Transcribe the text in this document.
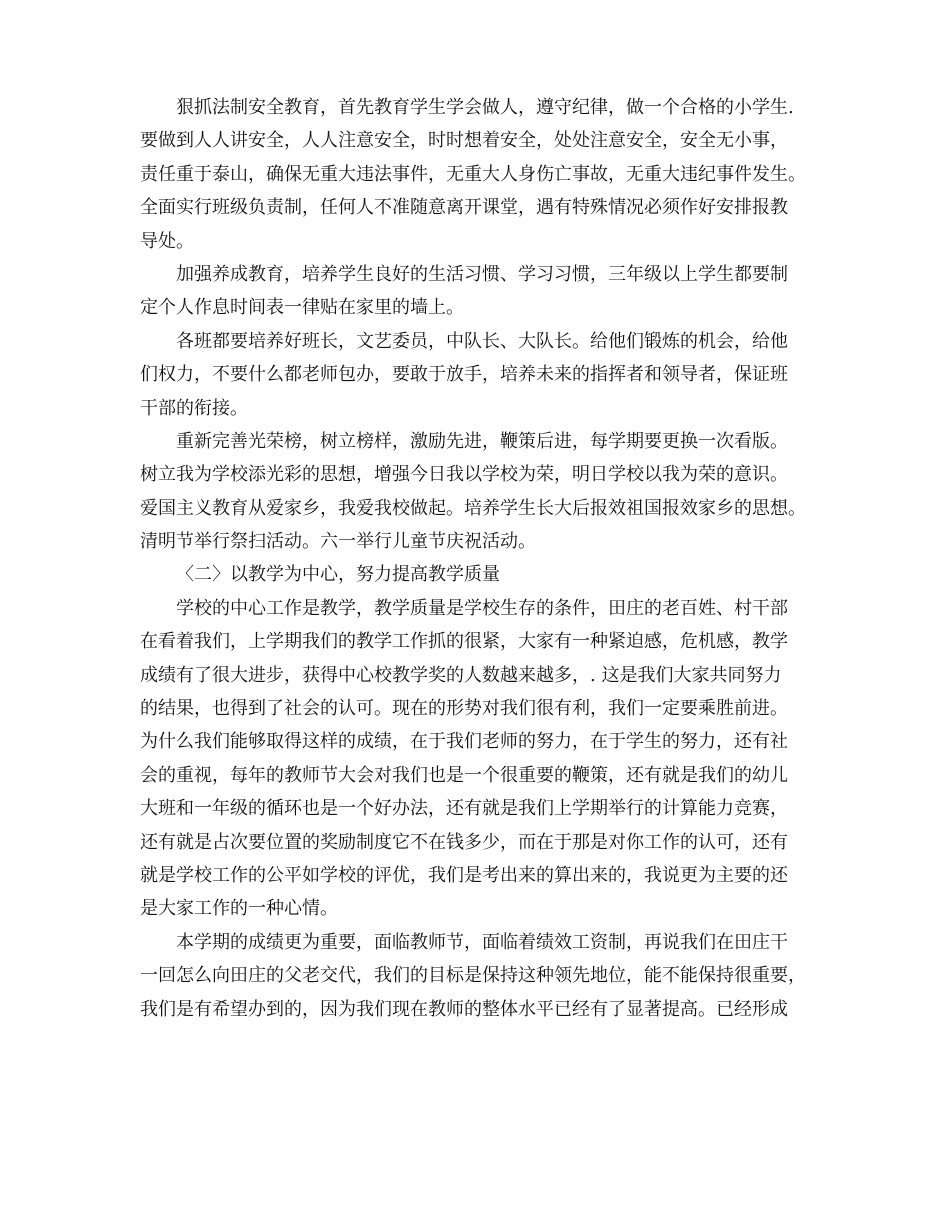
狠抓法制安全教育，首先教育学生学会做人，遵守纪律，做一个合格的小学生.
要做到人人讲安全，人人注意安全，时时想着安全，处处注意安全，安全无小事，
责任重于泰山，确保无重大违法事件，无重大人身伤亡事故，无重大违纪事件发生。
全面实行班级负责制，任何人不准随意离开课堂，遇有特殊情况必须作好安排报教
导处。
加强养成教育，培养学生良好的生活习惯、学习习惯，三年级以上学生都要制
定个人作息时间表一律贴在家里的墙上。
各班都要培养好班长，文艺委员，中队长、大队长。给他们锻炼的机会，给他
们权力，不要什么都老师包办，要敢于放手，培养未来的指挥者和领导者，保证班
干部的衔接。
重新完善光荣榜，树立榜样，激励先进，鞭策后进，每学期要更换一次看版。
树立我为学校添光彩的思想，增强今日我以学校为荣，明日学校以我为荣的意识。
爱国主义教育从爱家乡，我爱我校做起。培养学生长大后报效祖国报效家乡的思想。
清明节举行祭扫活动。六一举行儿童节庆祝活动。
〈二〉以教学为中心，努力提高教学质量
学校的中心工作是教学，教学质量是学校生存的条件，田庄的老百姓、村干部
在看着我们，上学期我们的教学工作抓的很紧，大家有一种紧迫感，危机感，教学
成绩有了很大进步，获得中心校教学奖的人数越来越多，. 这是我们大家共同努力
的结果，也得到了社会的认可。现在的形势对我们很有利，我们一定要乘胜前进。
为什么我们能够取得这样的成绩，在于我们老师的努力，在于学生的努力，还有社
会的重视，每年的教师节大会对我们也是一个很重要的鞭策，还有就是我们的幼儿
大班和一年级的循环也是一个好办法，还有就是我们上学期举行的计算能力竞赛，
还有就是占次要位置的奖励制度它不在钱多少，而在于那是对你工作的认可，还有
就是学校工作的公平如学校的评优，我们是考出来的算出来的，我说更为主要的还
是大家工作的一种心情。
本学期的成绩更为重要，面临教师节，面临着绩效工资制，再说我们在田庄干
一回怎么向田庄的父老交代，我们的目标是保持这种领先地位，能不能保持很重要，
我们是有希望办到的，因为我们现在教师的整体水平已经有了显著提高。已经形成
